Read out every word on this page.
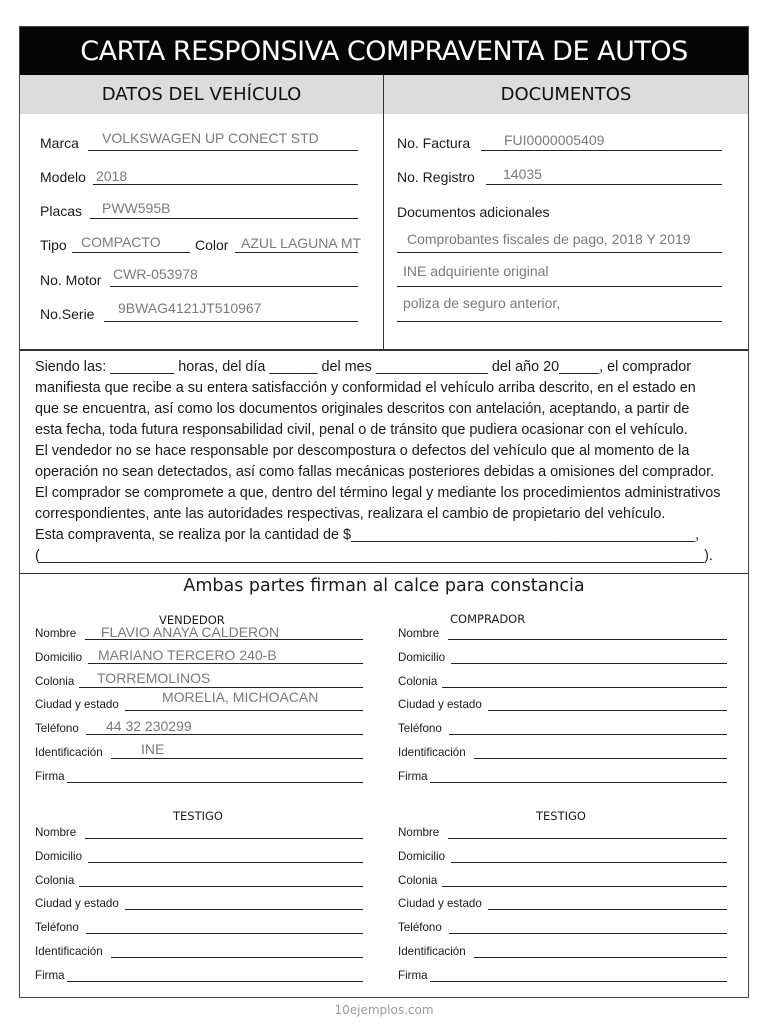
CARTA RESPONSIVA COMPRAVENTA DE AUTOS
DATOS DEL VEHÍCULO	DOCUMENTOS
Marca VOLKSWAGEN UP CONECT STD
Modelo 2018
Placas PWW595B
Tipo COMPACTO Color AZUL LAGUNA MT
No. Motor CWR-053978
No.Serie 9BWAG4121JT510967
No. Factura FUI0000005409
No. Registro 14035
Documentos adicionales
Comprobantes fiscales de pago, 2018 Y 2019
INE adquiriente original
poliza de seguro anterior,

Siendo las: ________ horas, del día ______ del mes ______________ del año 20_____, el comprador

manifiesta que recibe a su entera satisfacción y conformidad el vehículo arriba descrito, en el estado en

que se encuentra, así como los documentos originales descritos con antelación, aceptando, a partir de

esta fecha, toda futura responsabilidad civil, penal o de tránsito que pudiera ocasionar con el vehículo.

El vendedor no se hace responsable por descompostura o defectos del vehículo que al momento de la

operación no sean detectados, así como fallas mecánicas posteriores debidas a omisiones del comprador.

El comprador se compromete a que, dentro del término legal y mediante los procedimientos administrativos

correspondientes, ante las autoridades respectivas, realizara el cambio de propietario del vehículo.

Esta compraventa, se realiza por la cantidad de $___________________________________________,

(___________________________________________________________________________________).

Ambas partes firman al calce para constancia
VENDEDOR
Nombre FLAVIO ANAYA CALDERON
Domicilio MARIANO TERCERO 240-B
Colonia TORREMOLINOS
Ciudad y estado	MORELIA, MICHOACAN
Teléfono 44 32 230299
Identificación	INE
Firma
COMPRADOR
Nombre
Domicilio
Colonia
Ciudad y estado
Teléfono
Identificación
Firma
TESTIGO
Nombre
Domicilio
Colonia
Ciudad y estado
Teléfono
Identificación
Firma
TESTIGO
Nombre
Domicilio
Colonia
Ciudad y estado
Teléfono
Identificación
Firma
10ejemplos.com
